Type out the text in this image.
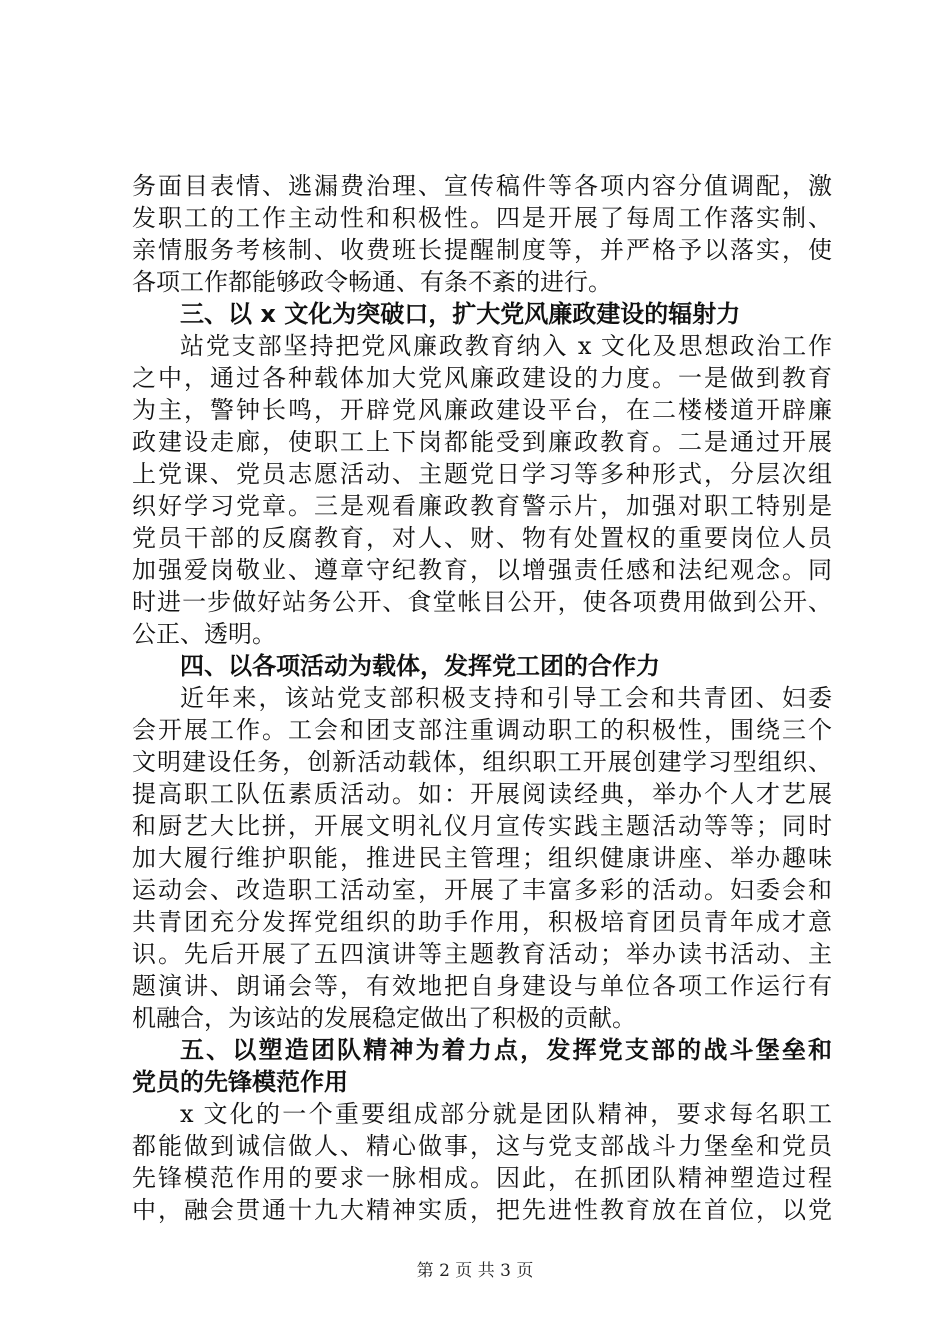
务面目表情、逃漏费治理、宣传稿件等各项内容分值调配，激
发职工的工作主动性和积极性。四是开展了每周工作落实制、
亲情服务考核制、收费班长提醒制度等，并严格予以落实，使
各项工作都能够政令畅通、有条不紊的进行。
三、以 x 文化为突破口，扩大党风廉政建设的辐射力
站党支部坚持把党风廉政教育纳入 x 文化及思想政治工作
之中，通过各种载体加大党风廉政建设的力度。一是做到教育
为主，警钟长鸣，开辟党风廉政建设平台，在二楼楼道开辟廉
政建设走廊，使职工上下岗都能受到廉政教育。二是通过开展
上党课、党员志愿活动、主题党日学习等多种形式，分层次组
织好学习党章。三是观看廉政教育警示片，加强对职工特别是
党员干部的反腐教育，对人、财、物有处置权的重要岗位人员
加强爱岗敬业、遵章守纪教育，以增强责任感和法纪观念。同
时进一步做好站务公开、食堂帐目公开，使各项费用做到公开、
公正、透明。
四、以各项活动为载体，发挥党工团的合作力
近年来，该站党支部积极支持和引导工会和共青团、妇委
会开展工作。工会和团支部注重调动职工的积极性，围绕三个
文明建设任务，创新活动载体，组织职工开展创建学习型组织、
提高职工队伍素质活动。如：开展阅读经典，举办个人才艺展
和厨艺大比拼，开展文明礼仪月宣传实践主题活动等等；同时
加大履行维护职能，推进民主管理；组织健康讲座、举办趣味
运动会、改造职工活动室，开展了丰富多彩的活动。妇委会和
共青团充分发挥党组织的助手作用，积极培育团员青年成才意
识。先后开展了五四演讲等主题教育活动；举办读书活动、主
题演讲、朗诵会等，有效地把自身建设与单位各项工作运行有
机融合，为该站的发展稳定做出了积极的贡献。
五、以塑造团队精神为着力点，发挥党支部的战斗堡垒和
党员的先锋模范作用
x 文化的一个重要组成部分就是团队精神，要求每名职工
都能做到诚信做人、精心做事，这与党支部战斗力堡垒和党员
先锋模范作用的要求一脉相成。因此，在抓团队精神塑造过程
中，融会贯通十九大精神实质，把先进性教育放在首位，以党
第 2 页 共 3 页
